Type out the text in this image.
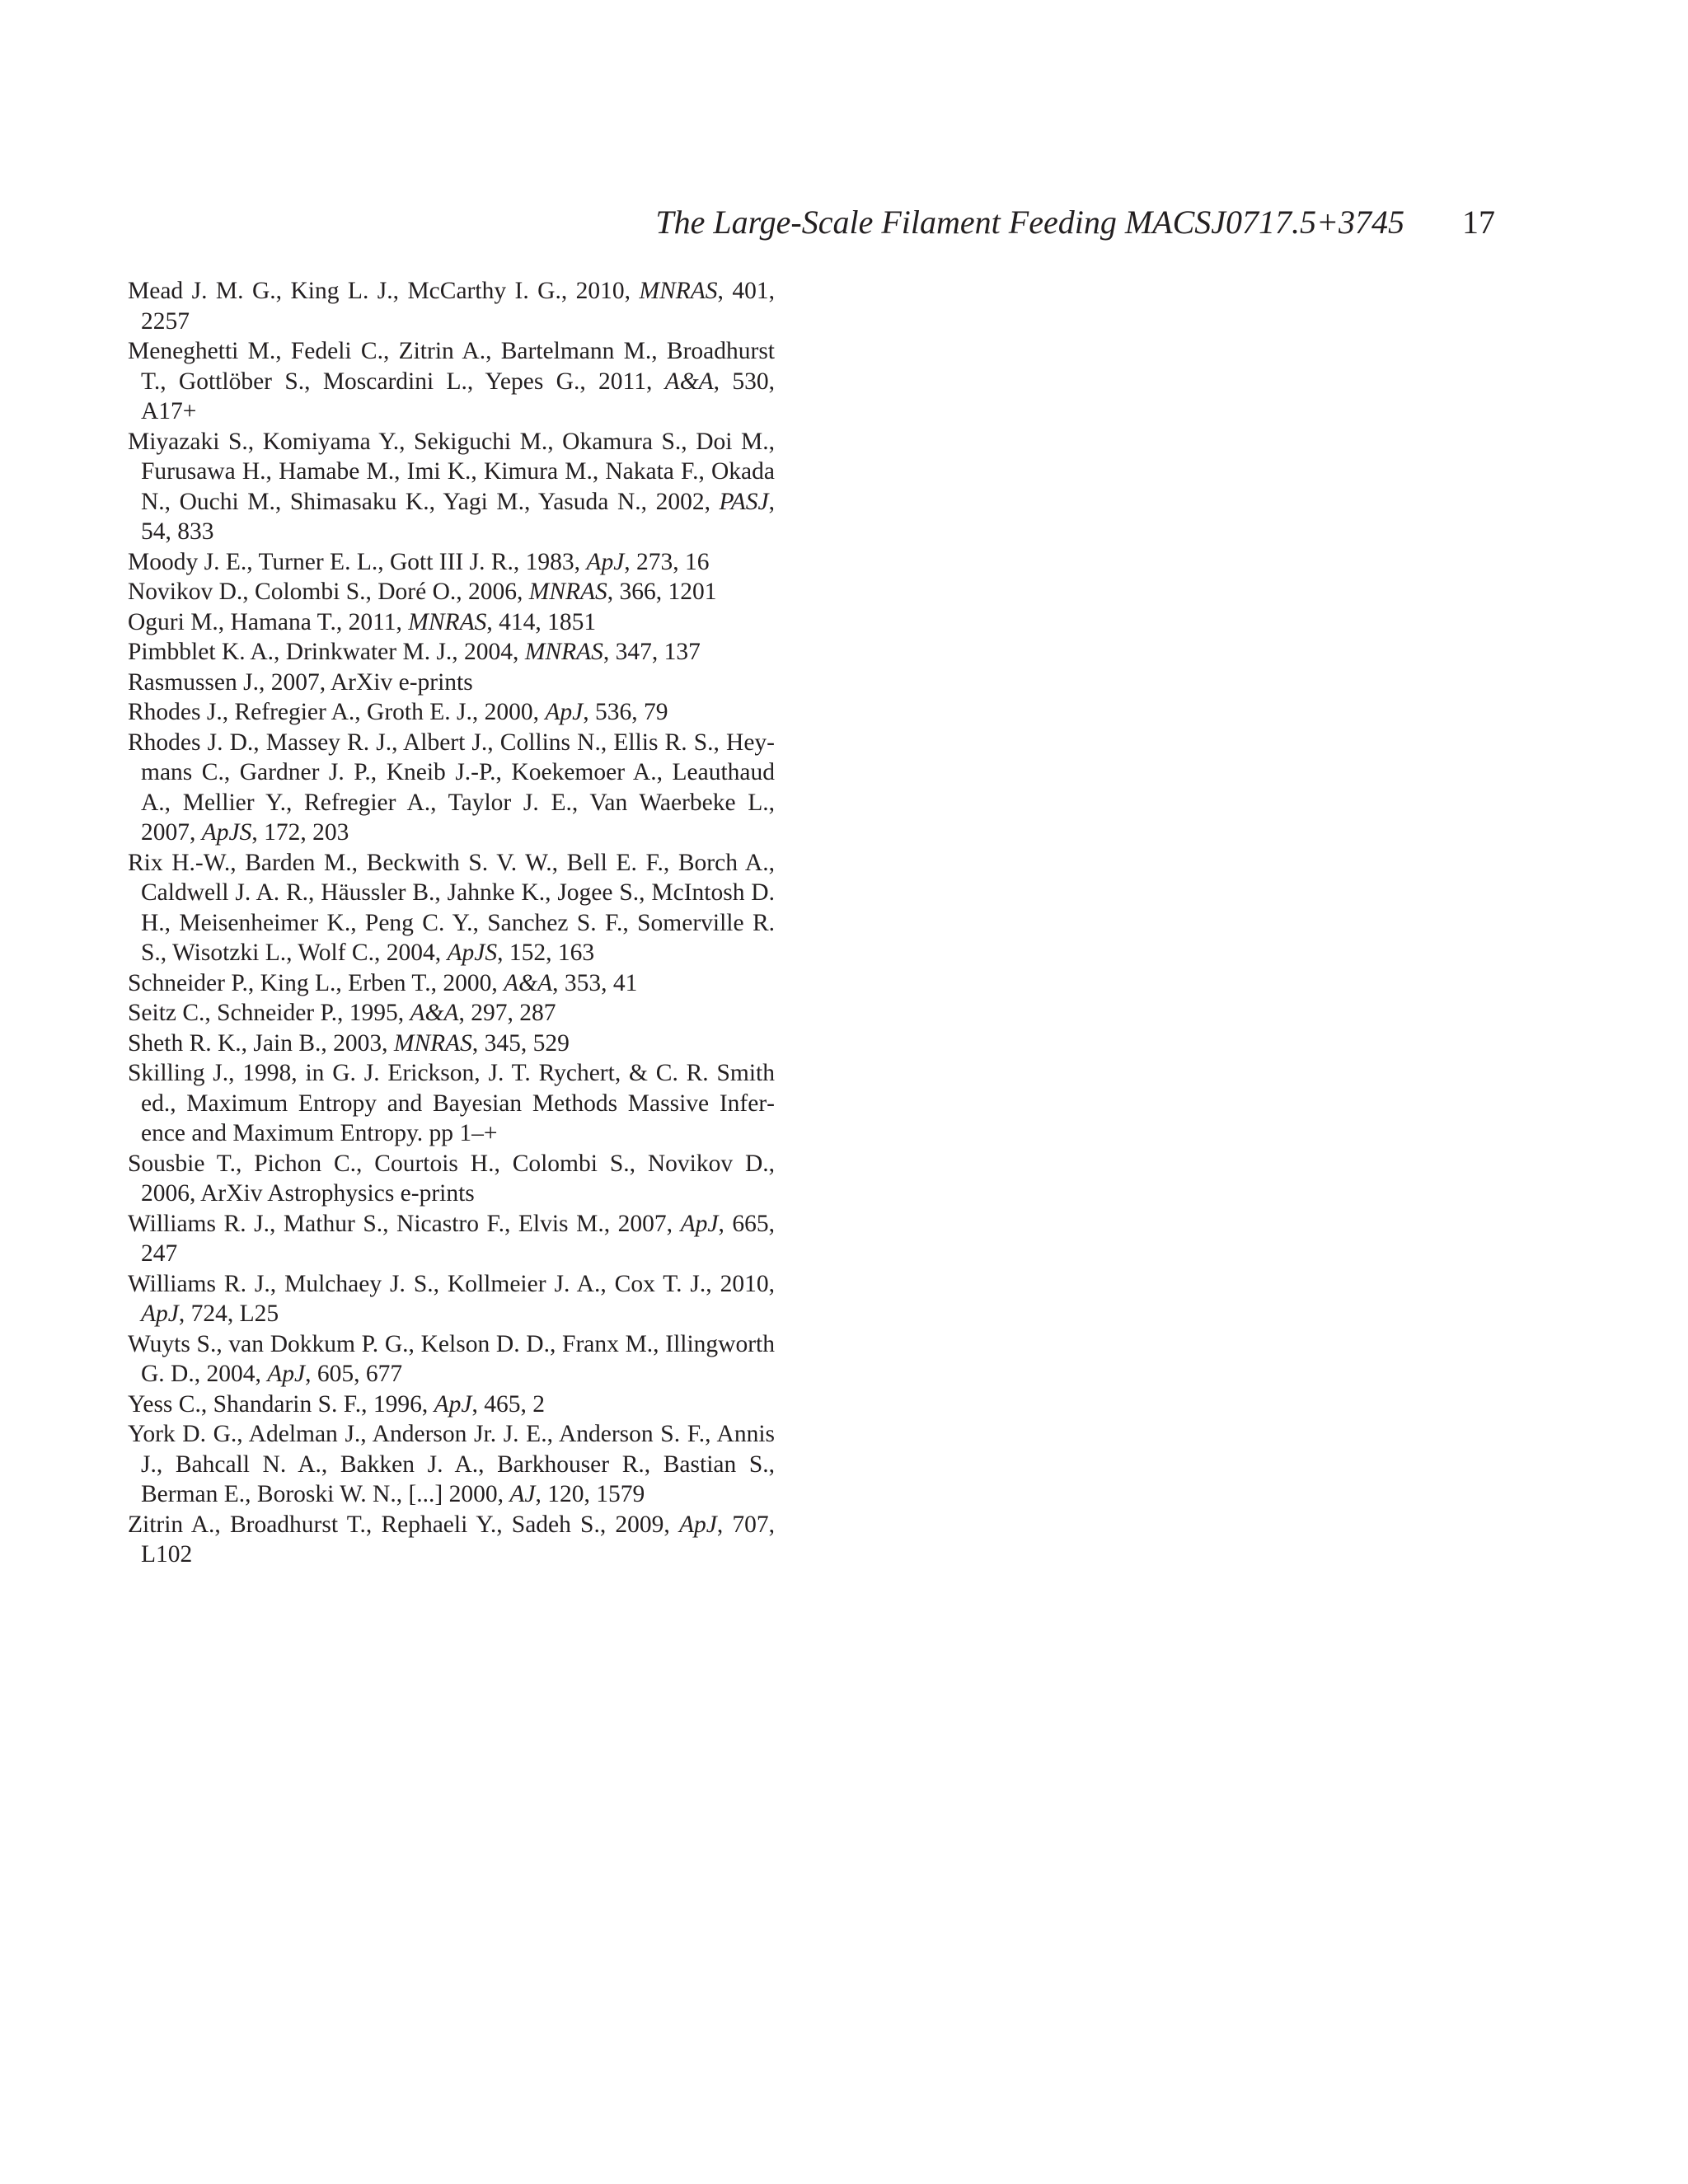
The Large-Scale Filament Feeding MACSJ0717.5+3745 17
Mead J. M. G., King L. J., McCarthy I. G., 2010, MNRAS, 401, 2257
Meneghetti M., Fedeli C., Zitrin A., Bartelmann M., Broadhurst T., Gottlöber S., Moscardini L., Yepes G., 2011, A&A, 530, A17+
Miyazaki S., Komiyama Y., Sekiguchi M., Okamura S., Doi M., Furusawa H., Hamabe M., Imi K., Kimura M., Nakata F., Okada N., Ouchi M., Shimasaku K., Yagi M., Yasuda N., 2002, PASJ, 54, 833
Moody J. E., Turner E. L., Gott III J. R., 1983, ApJ, 273, 16
Novikov D., Colombi S., Doré O., 2006, MNRAS, 366, 1201
Oguri M., Hamana T., 2011, MNRAS, 414, 1851
Pimbblet K. A., Drinkwater M. J., 2004, MNRAS, 347, 137
Rasmussen J., 2007, ArXiv e-prints
Rhodes J., Refregier A., Groth E. J., 2000, ApJ, 536, 79
Rhodes J. D., Massey R. J., Albert J., Collins N., Ellis R. S., Heymans C., Gardner J. P., Kneib J.-P., Koekemoer A., Leauthaud A., Mellier Y., Refregier A., Taylor J. E., Van Waerbeke L., 2007, ApJS, 172, 203
Rix H.-W., Barden M., Beckwith S. V. W., Bell E. F., Borch A., Caldwell J. A. R., Häussler B., Jahnke K., Jogee S., McIntosh D. H., Meisenheimer K., Peng C. Y., Sanchez S. F., Somerville R. S., Wisotzki L., Wolf C., 2004, ApJS, 152, 163
Schneider P., King L., Erben T., 2000, A&A, 353, 41
Seitz C., Schneider P., 1995, A&A, 297, 287
Sheth R. K., Jain B., 2003, MNRAS, 345, 529
Skilling J., 1998, in G. J. Erickson, J. T. Rychert, & C. R. Smith ed., Maximum Entropy and Bayesian Methods Massive Inference and Maximum Entropy. pp 1–+
Sousbie T., Pichon C., Courtois H., Colombi S., Novikov D., 2006, ArXiv Astrophysics e-prints
Williams R. J., Mathur S., Nicastro F., Elvis M., 2007, ApJ, 665, 247
Williams R. J., Mulchaey J. S., Kollmeier J. A., Cox T. J., 2010, ApJ, 724, L25
Wuyts S., van Dokkum P. G., Kelson D. D., Franx M., Illingworth G. D., 2004, ApJ, 605, 677
Yess C., Shandarin S. F., 1996, ApJ, 465, 2
York D. G., Adelman J., Anderson Jr. J. E., Anderson S. F., Annis J., Bahcall N. A., Bakken J. A., Barkhouser R., Bastian S., Berman E., Boroski W. N., [...] 2000, AJ, 120, 1579
Zitrin A., Broadhurst T., Rephaeli Y., Sadeh S., 2009, ApJ, 707, L102
